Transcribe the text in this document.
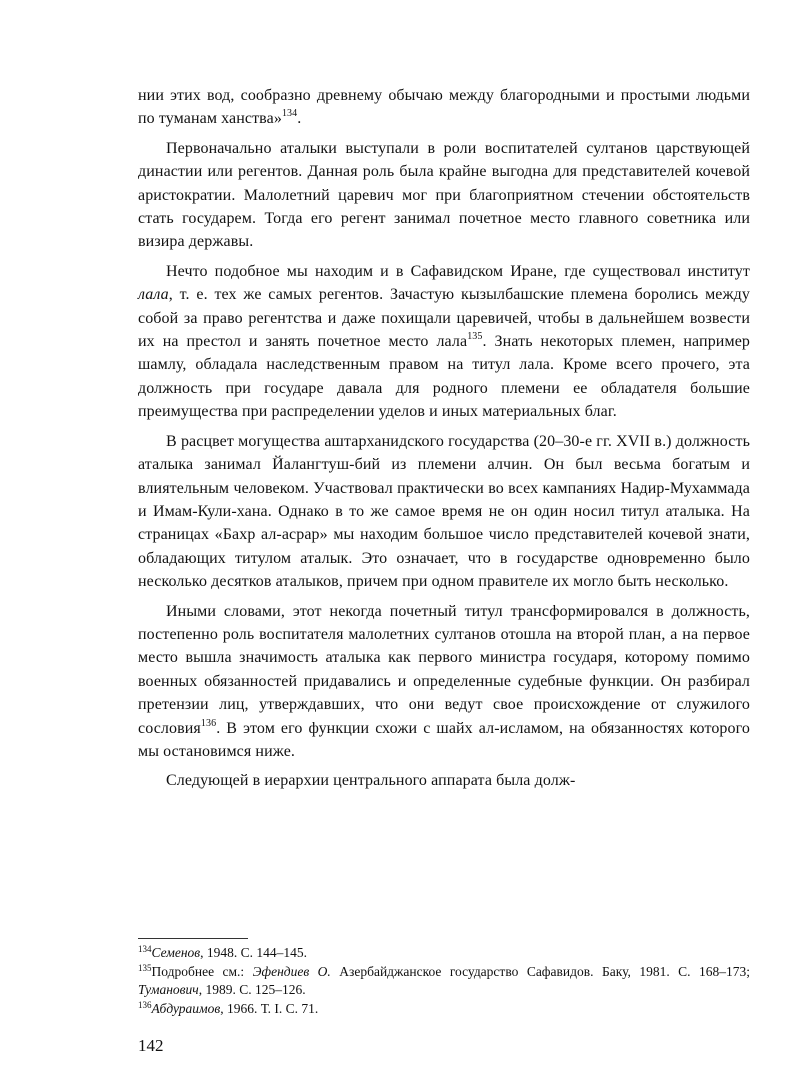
нии этих вод, сообразно древнему обычаю между благородными и простыми людьми по туманам ханства»$^{134}$.

Первоначально аталыки выступали в роли воспитателей султанов царствующей династии или регентов. Данная роль была крайне выгодна для представителей кочевой аристократии. Малолетний царевич мог при благоприятном стечении обстоятельств стать государем. Тогда его регент занимал почетное место главного советника или визира державы.

Нечто подобное мы находим и в Сафавидском Иране, где существовал институт лала, т. е. тех же самых регентов. Зачастую кызылбашские племена боролись между собой за право регентства и даже похищали царевичей, чтобы в дальнейшем возвести их на престол и занять почетное место лала$^{135}$. Знать некоторых племен, например шамлу, обладала наследственным правом на титул лала. Кроме всего прочего, эта должность при государе давала для родного племени ее обладателя большие преимущества при распределении уделов и иных материальных благ.

В расцвет могущества аштарханидского государства (20–30-е гг. XVII в.) должность аталыка занимал Йалангтуш-бий из племени алчин. Он был весьма богатым и влиятельным человеком. Участвовал практически во всех кампаниях Надир-Мухаммада и Имам-Кули-хана. Однако в то же самое время не он один носил титул аталыка. На страницах «Бахр ал-асрар» мы находим большое число представителей кочевой знати, обладающих титулом аталык. Это означает, что в государстве одновременно было несколько десятков аталыков, причем при одном правителе их могло быть несколько.

Иными словами, этот некогда почетный титул трансформировался в должность, постепенно роль воспитателя малолетних султанов отошла на второй план, а на первое место вышла значимость аталыка как первого министра государя, которому помимо военных обязанностей придавались и определенные судебные функции. Он разбирал претензии лиц, утверждавших, что они ведут свое происхождение от служилого сословия$^{136}$. В этом его функции схожи с шайх ал-исламом, на обязанностях которого мы остановимся ниже.

Следующей в иерархии центрального аппарата была долж-

$^{134}$Семенов, 1948. С. 144–145.

$^{135}$Подробнее см.: Эфендиев О. Азербайджанское государство Сафавидов. Баку, 1981. С. 168–173; Туманович, 1989. С. 125–126.

$^{136}$Абдураимов, 1966. Т. I. С. 71.

142
